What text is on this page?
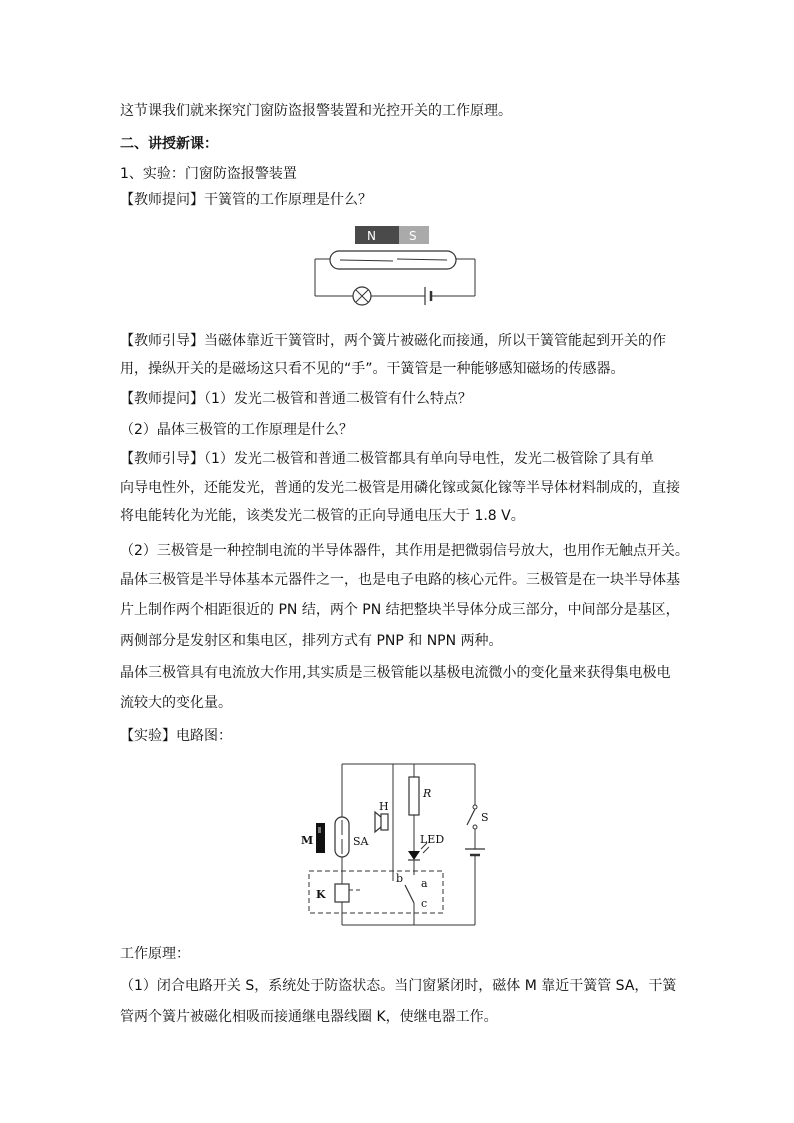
这节课我们就来探究门窗防盗报警装置和光控开关的工作原理。
二、讲授新课：
1、实验：门窗防盗报警装置
【教师提问】干簧管的工作原理是什么？
N	S
【教师引导】当磁体靠近干簧管时，两个簧片被磁化而接通，所以干簧管能起到开关的作
用，操纵开关的是磁场这只看不见的“手”。干簧管是一种能够感知磁场的传感器。
【教师提问】（1）发光二极管和普通二极管有什么特点？
（2）晶体三极管的工作原理是什么？
【教师引导】（1）发光二极管和普通二极管都具有单向导电性，发光二极管除了具有单
向导电性外，还能发光，普通的发光二极管是用磷化镓或氮化镓等半导体材料制成的，直接
将电能转化为光能，该类发光二极管的正向导通电压大于 1.8 V。
（2）三极管是一种控制电流的半导体器件，其作用是把微弱信号放大，也用作无触点开关。
晶体三极管是半导体基本元器件之一，也是电子电路的核心元件。三极管是在一块半导体基
片上制作两个相距很近的 PN 结，两个 PN 结把整块半导体分成三部分，中间部分是基区，
两侧部分是发射区和集电区，排列方式有 PNP 和 NPN 两种。
晶体三极管具有电流放大作用,其实质是三极管能以基极电流微小的变化量来获得集电极电
流较大的变化量。
【实验】电路图：
SA
M
H
R
LED
K
b a
c
S
工作原理：
（1）闭合电路开关 S，系统处于防盗状态。当门窗紧闭时，磁体 M 靠近干簧管 SA，干簧
管两个簧片被磁化相吸而接通继电器线圈 K，使继电器工作。
